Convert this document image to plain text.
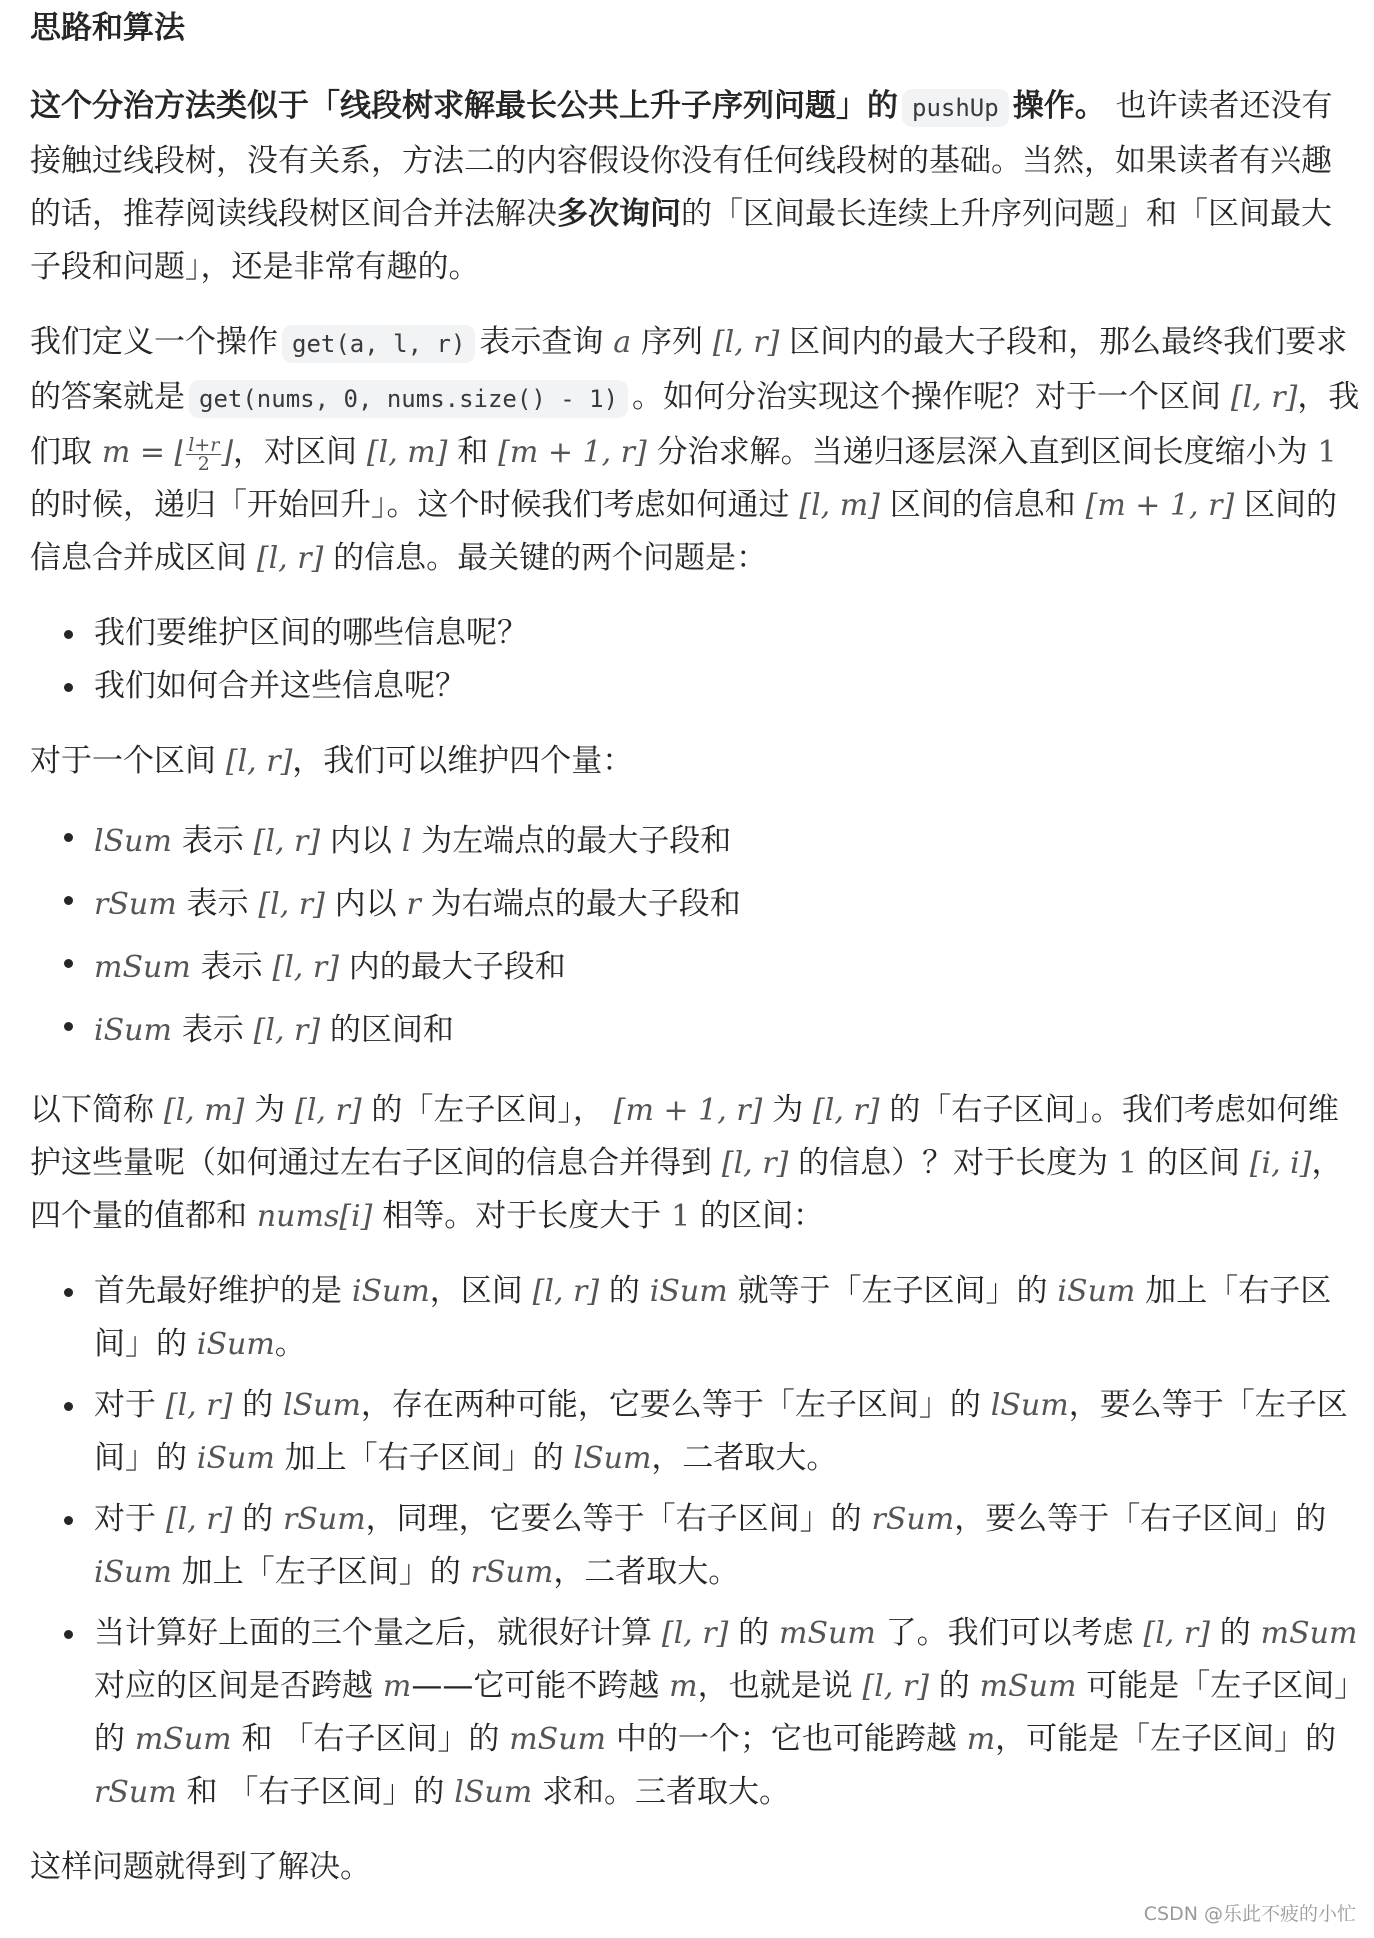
思路和算法

这个分治方法类似于「线段树求解最长公共上升子序列问题」的 pushUp 操作。 也许读者还没有接触过线段树，没有关系，方法二的内容假设你没有任何线段树的基础。当然，如果读者有兴趣的话，推荐阅读线段树区间合并法解决多次询问的「区间最长连续上升序列问题」和「区间最大子段和问题」，还是非常有趣的。

我们定义一个操作 get(a, l, r) 表示查询 a 序列 [l, r] 区间内的最大子段和，那么最终我们要求的答案就是 get(nums, 0, nums.size() - 1) 。如何分治实现这个操作呢？对于一个区间 [l, r]，我们取 m = ⌊ $\frac{l+r}{2}$ ⌋，对区间 [l, m] 和 [m + 1, r] 分治求解。当递归逐层深入直到区间长度缩小为 1 的时候，递归「开始回升」。这个时候我们考虑如何通过 [l, m] 区间的信息和 [m + 1, r] 区间的信息合并成区间 [l, r] 的信息。最关键的两个问题是：

我们要维护区间的哪些信息呢？
我们如何合并这些信息呢？

对于一个区间 [l, r]，我们可以维护四个量：

lSum 表示 [l, r] 内以 l 为左端点的最大子段和
rSum 表示 [l, r] 内以 r 为右端点的最大子段和
mSum 表示 [l, r] 内的最大子段和
iSum 表示 [l, r] 的区间和

以下简称 [l, m] 为 [l, r] 的「左子区间」， [m + 1, r] 为 [l, r] 的「右子区间」。我们考虑如何维护这些量呢（如何通过左右子区间的信息合并得到 [l, r] 的信息）？对于长度为 1 的区间 [i, i]，四个量的值都和 nums[i] 相等。对于长度大于 1 的区间：

首先最好维护的是 iSum，区间 [l, r] 的 iSum 就等于「左子区间」的 iSum 加上「右子区间」的 iSum。
对于 [l, r] 的 lSum，存在两种可能，它要么等于「左子区间」的 lSum，要么等于「左子区间」的 iSum 加上「右子区间」的 lSum，二者取大。
对于 [l, r] 的 rSum，同理，它要么等于「右子区间」的 rSum，要么等于「右子区间」的 iSum 加上「左子区间」的 rSum，二者取大。
当计算好上面的三个量之后，就很好计算 [l, r] 的 mSum 了。我们可以考虑 [l, r] 的 mSum 对应的区间是否跨越 m——它可能不跨越 m，也就是说 [l, r] 的 mSum 可能是「左子区间」的 mSum 和 「右子区间」的 mSum 中的一个；它也可能跨越 m，可能是「左子区间」的 rSum 和 「右子区间」的 lSum 求和。三者取大。

这样问题就得到了解决。

CSDN @乐此不疲的小忙
